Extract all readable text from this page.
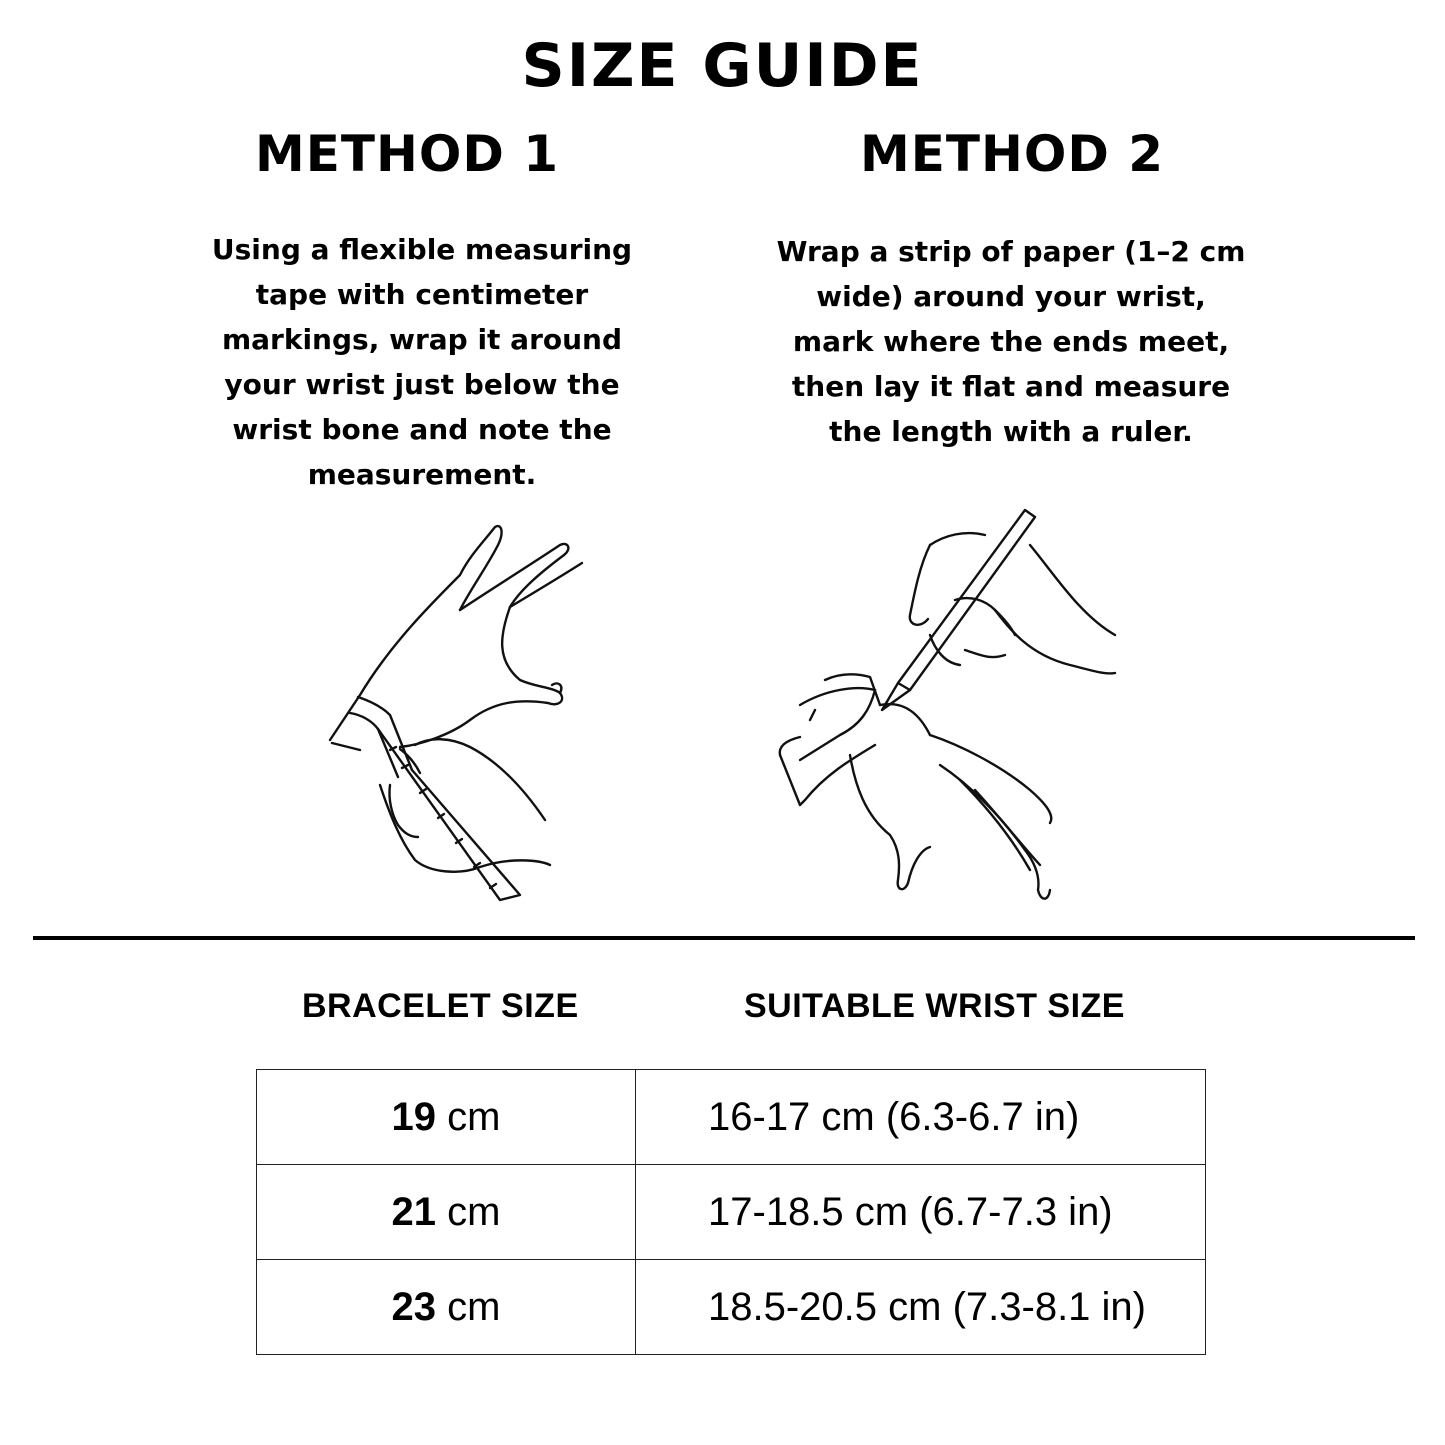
SIZE GUIDE
METHOD 1
Using a flexible measuring
tape with centimeter
markings, wrap it around
your wrist just below the
wrist bone and note the
measurement.
METHOD 2
Wrap a strip of paper (1–2 cm
wide) around your wrist,
mark where the ends meet,
then lay it flat and measure
the length with a ruler.
BRACELET SIZE	SUITABLE WRIST SIZE
19 cm	16-17 cm (6.3-6.7 in)
21 cm	17-18.5 cm (6.7-7.3 in)
23 cm	18.5-20.5 cm (7.3-8.1 in)
